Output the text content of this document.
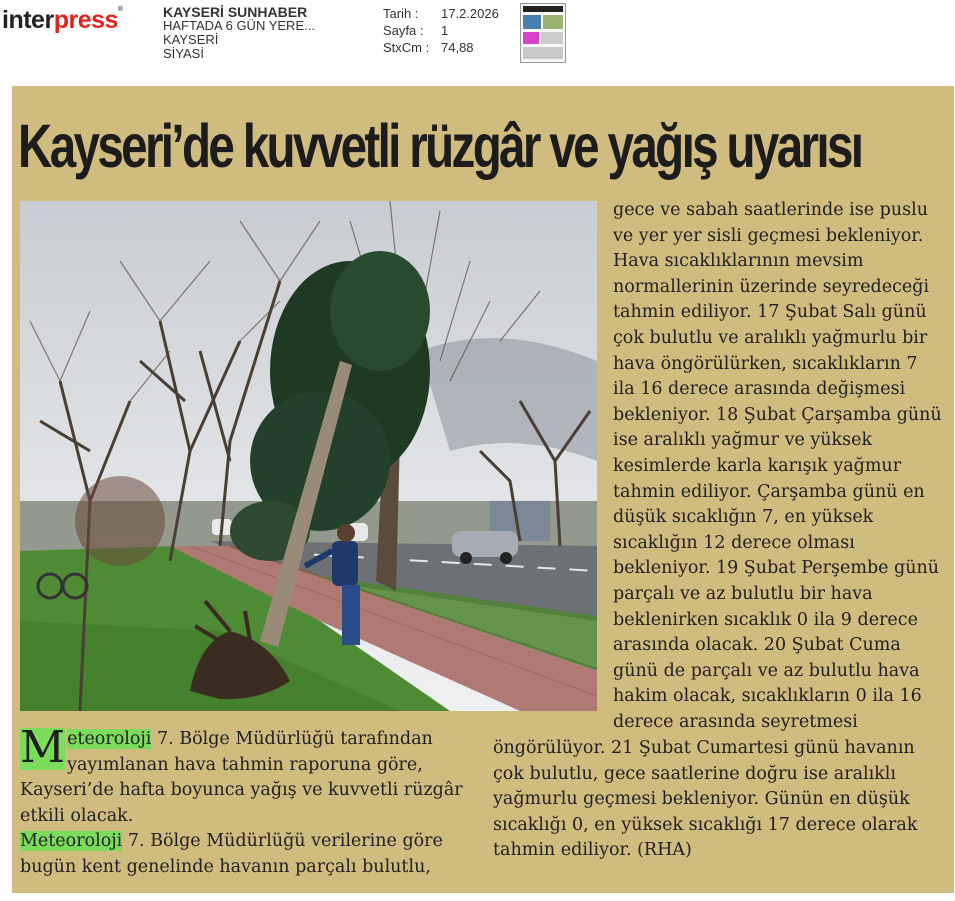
interpress®	KAYSERİ SUNHABER
HAFTADA 6 GÜN YERE...
KAYSERİ
SİYASİ
Tarih :	17.2.2026
Sayfa :	1
StxCm : 74,88
Kayseri’de kuvvetli rüzgâr ve yağış uyarısı

gece ve sabah saatlerinde ise puslu ve yer yer sisli geçmesi bekleniyor. Hava sıcaklıklarının mevsim normallerinin üzerinde seyredeceği tahmin ediliyor. 17 Şubat Salı günü çok bulutlu ve aralıklı yağmurlu bir hava öngörülürken, sıcaklıkların 7 ila 16 derece arasında değişmesi bekleniyor. 18 Şubat Çarşamba günü ise aralıklı yağmur ve yüksek kesimlerde karla karışık yağmur tahmin ediliyor. Çarşamba günü en düşük sıcaklığın 7, en yüksek sıcaklığın 12 derece olması bekleniyor. 19 Şubat Perşembe günü parçalı ve az bulutlu bir hava beklenirken sıcaklık 0 ila 9 derece arasında olacak. 20 Şubat Cuma günü de parçalı ve az bulutlu hava hakim olacak, sıcaklıkların 0 ila 16 derece arasında seyretmesi

öngörülüyor. 21 Şubat Cumartesi günü havanın çok bulutlu, gece saatlerine doğru ise aralıklı yağmurlu geçmesi bekleniyor. Günün en düşük sıcaklığı 0, en yüksek sıcaklığı 17 derece olarak tahmin ediliyor. (RHA)

M eteoroloji 7. Bölge Müdürlüğü tarafından yayımlanan hava tahmin raporuna göre, Kayseri’de hafta boyunca yağış ve kuvvetli rüzgâr etkili olacak.

Meteoroloji 7. Bölge Müdürlüğü verilerine göre bugün kent genelinde havanın parçalı bulutlu,
